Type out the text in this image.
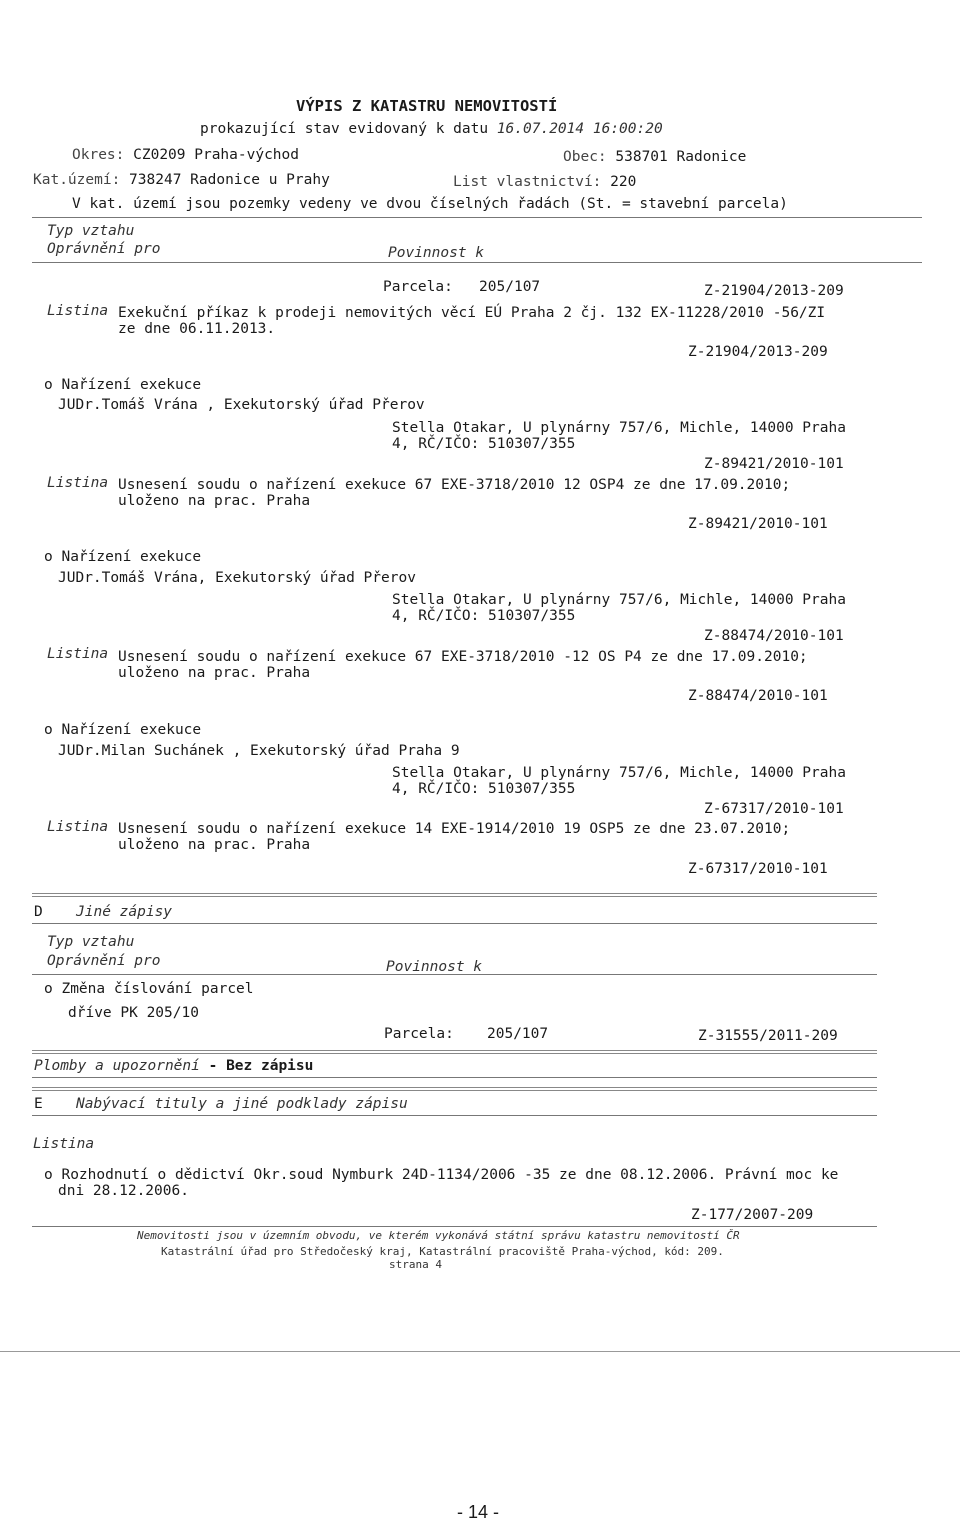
VÝPIS Z KATASTRU NEMOVITOSTÍ
prokazující stav evidovaný k datu 16.07.2014 16:00:20
Okres: CZ0209 Praha-východ	Obec: 538701 Radonice
Kat.území: 738247 Radonice u Prahy	List vlastnictví: 220
V kat. území jsou pozemky vedeny ve dvou číselných řadách (St. = stavební parcela)
Typ vztahu
Oprávnění pro	Povinnost k
Parcela: 205/107	Z-21904/2013-209
Listina Exekuční příkaz k prodeji nemovitých věcí EÚ Praha 2 čj. 132 EX-11228/2010 -56/ZI
ze dne 06.11.2013.
Z-21904/2013-209
o Nařízení exekuce
JUDr.Tomáš Vrána , Exekutorský úřad Přerov
Stella Otakar, U plynárny 757/6, Michle, 14000 Praha
4, RČ/IČO: 510307/355
Z-89421/2010-101
Listina Usnesení soudu o nařízení exekuce 67 EXE-3718/2010 12 OSP4 ze dne 17.09.2010;
uloženo na prac. Praha
Z-89421/2010-101
o Nařízení exekuce
JUDr.Tomáš Vrána, Exekutorský úřad Přerov
Stella Otakar, U plynárny 757/6, Michle, 14000 Praha
4, RČ/IČO: 510307/355
Z-88474/2010-101
Listina Usnesení soudu o nařízení exekuce 67 EXE-3718/2010 -12 OS P4 ze dne 17.09.2010;
uloženo na prac. Praha
Z-88474/2010-101
o Nařízení exekuce
JUDr.Milan Suchánek , Exekutorský úřad Praha 9
Stella Otakar, U plynárny 757/6, Michle, 14000 Praha
4, RČ/IČO: 510307/355
Z-67317/2010-101
Listina Usnesení soudu o nařízení exekuce 14 EXE-1914/2010 19 OSP5 ze dne 23.07.2010;
uloženo na prac. Praha
Z-67317/2010-101
D Jiné zápisy
Typ vztahu
Oprávnění pro	Povinnost k
o Změna číslování parcel
dříve PK 205/10
Parcela: 205/107	Z-31555/2011-209
Plomby a upozornění - Bez zápisu
E Nabývací tituly a jiné podklady zápisu
Listina
o Rozhodnutí o dědictví Okr.soud Nymburk 24D-1134/2006 -35 ze dne 08.12.2006. Právní moc ke
dni 28.12.2006.
Z-177/2007-209
Nemovitosti jsou v územním obvodu, ve kterém vykonává státní správu katastru nemovitostí ČR
Katastrální úřad pro Středočeský kraj, Katastrální pracoviště Praha-východ, kód: 209.
strana 4
- 14 -
